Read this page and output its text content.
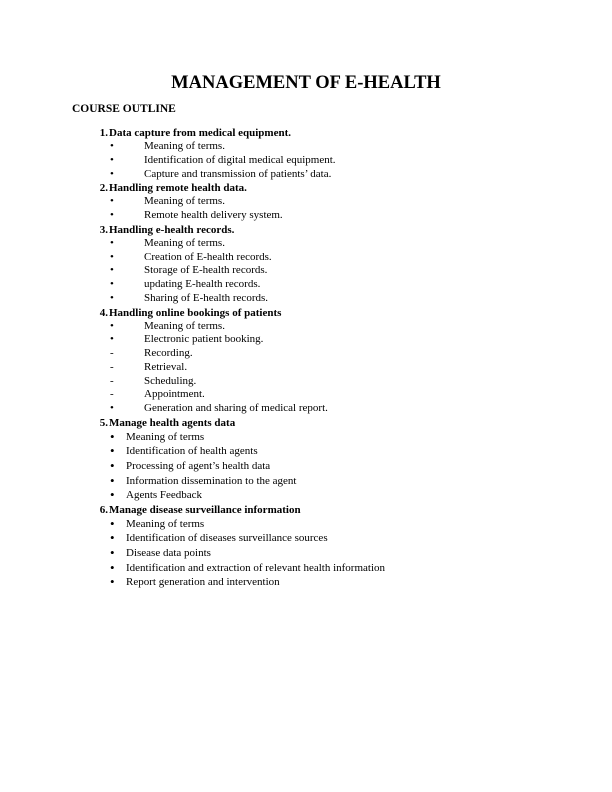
MANAGEMENT OF E-HEALTH
COURSE OUTLINE
1. Data capture from medical equipment.
•	Meaning of terms.
•	Identification of digital medical equipment.
•	Capture and transmission of patients’ data.
2. Handling remote health data.
•	Meaning of terms.
•	Remote health delivery system.
3. Handling e-health records.
•	Meaning of terms.
•	Creation of E-health records.
•	Storage of E-health records.
•	updating E-health records.
•	Sharing of E-health records.
4. Handling online bookings of patients
•	Meaning of terms.
•	Electronic patient booking.
-	Recording.
-	Retrieval.
-	Scheduling.
-	Appointment.
•	Generation and sharing of medical report.
5. Manage health agents data
•	Meaning of terms
•	Identification of health agents
•	Processing of agent’s health data
•	Information dissemination to the agent
•	Agents Feedback
6. Manage disease surveillance information
•	Meaning of terms
•	Identification of diseases surveillance sources
•	Disease data points
•	Identification and extraction of relevant health information
•	Report generation and intervention
